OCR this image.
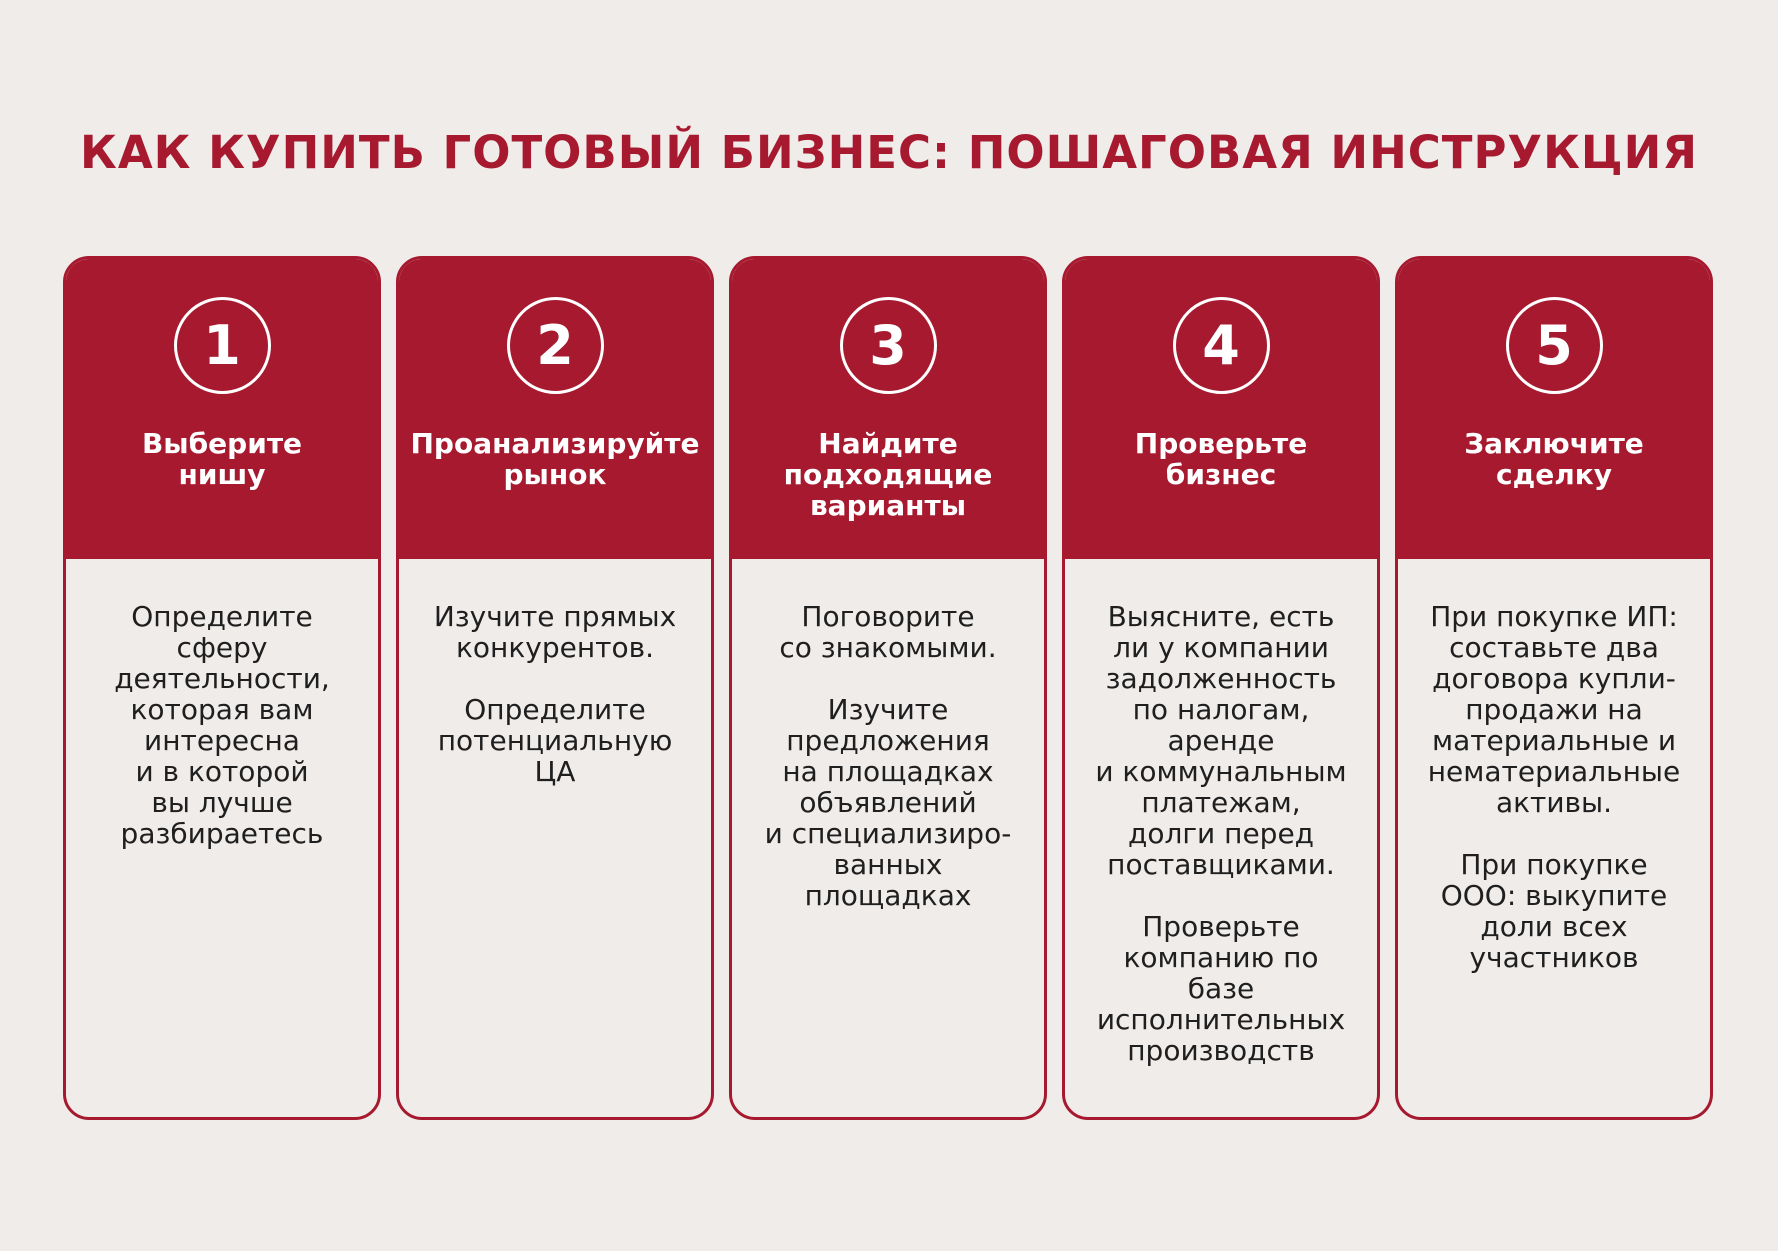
КАК КУПИТЬ ГОТОВЫЙ БИЗНЕС: ПОШАГОВАЯ ИНСТРУКЦИЯ
1
Выберите
нишу
Определите
сферу
деятельности,
которая вам
интересна
и в которой
вы лучше
разбираетесь
2
Проанализируйте
рынок
Изучите прямых
конкурентов.
Определите
потенциальную
ЦА
3
Найдите
подходящие
варианты
Поговорите
со знакомыми.
Изучите
предложения
на площадках
объявлений
и специализиро-
ванных
площадках
4
Проверьте
бизнес
Выясните, есть
ли у компании
задолженность
по налогам,
аренде
и коммунальным
платежам,
долги перед
поставщиками.
Проверьте
компанию по
базе
исполнительных
производств
5
Заключите
сделку
При покупке ИП:
составьте два
договора купли-
продажи на
материальные и
нематериальные
активы.
При покупке
ООО: выкупите
доли всех
участников
